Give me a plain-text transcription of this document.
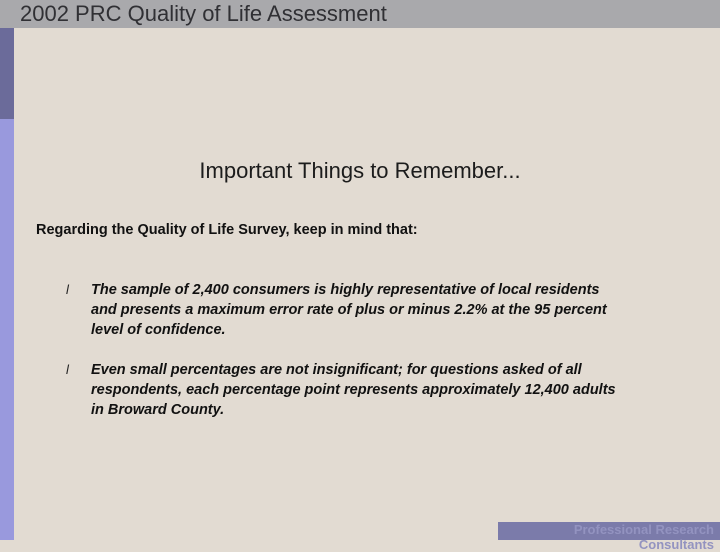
2002 PRC Quality of Life Assessment
Important Things to Remember...
Regarding the Quality of Life Survey, keep in mind that:
l The sample of 2,400 consumers is highly representative of local residents and presents a maximum error rate of plus or minus 2.2% at the 95 percent level of confidence.
l Even small percentages are not insignificant; for questions asked of all respondents, each percentage point represents approximately 12,400 adults in Broward County.
Professional Research Consultants
